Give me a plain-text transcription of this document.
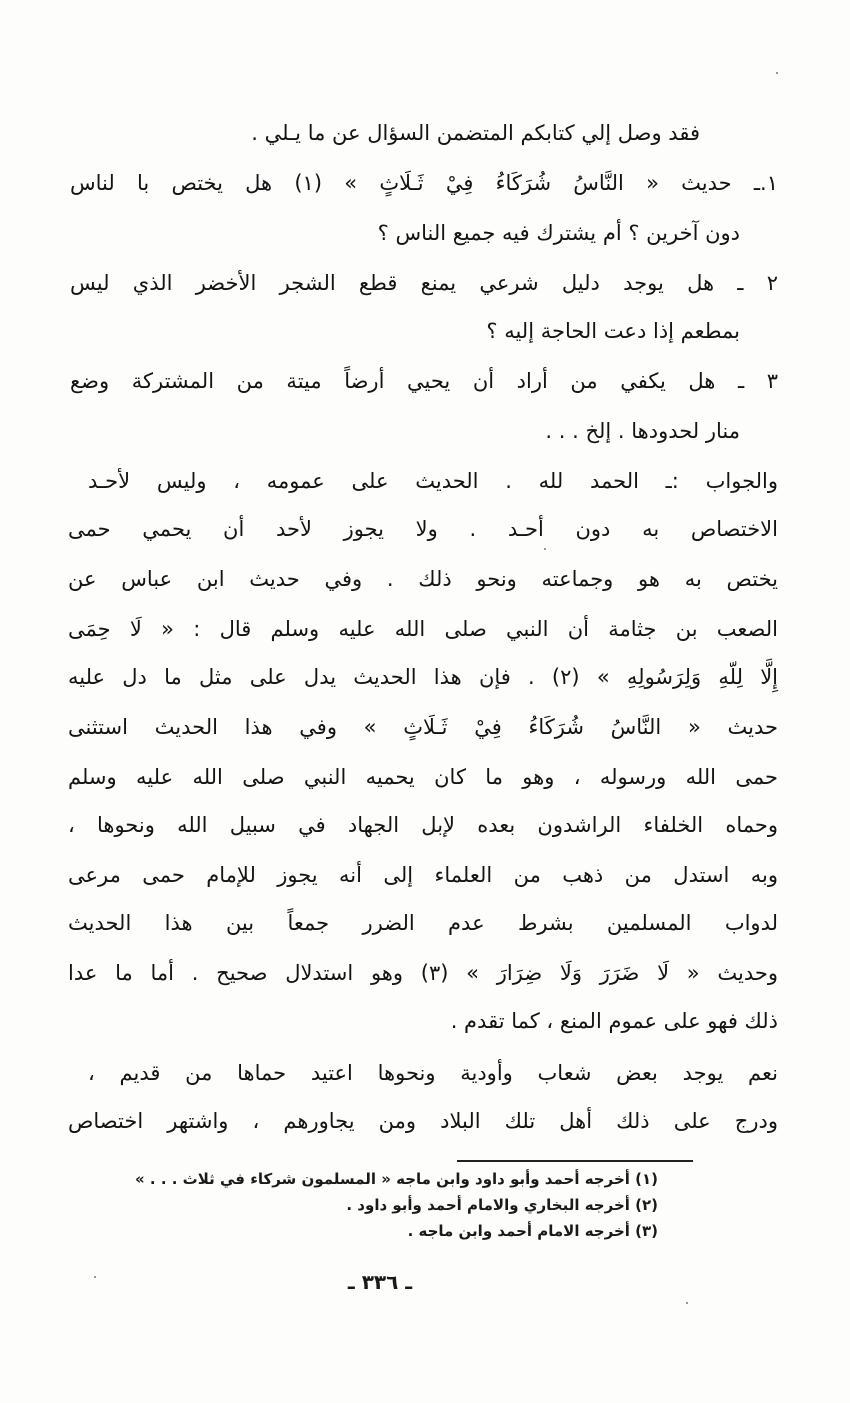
فقد وصل إلي كتابكم المتضمن السؤال عن ما يـلي .
١.ـ حديث « النَّاسُ شُرَكَاءُ فِيْ ثَـلَاثٍ » (١) هل يختص با لناس
دون آخرين ؟ أم يشترك فيه جميع الناس ؟
٢ ـ هل يوجد دليل شرعي يمنع قطع الشجر الأخضر الذي ليس
بمطعم إذا دعت الحاجة إليه ؟
٣ ـ هل يكفي من أراد أن يحيي أرضاً ميتة من المشتركة وضع
منار لحدودها . إلخ . . .
والجواب :ـ الحمد لله . الحديث على عمومه ، وليس لأحـد
الاختصاص به دون أحـد . ولا يجوز لأحد أن يحمي حمى
يختص به هو وجماعته ونحو ذلك . وفي حديث ابن عباس عن
الصعب بن جثامة أن النبي صلى الله عليه وسلم قال : « لَا حِمَى
إِلَّا لِلّهِ وَلِرَسُولِهِ » (٢) . فإن هذا الحديث يدل على مثل ما دل عليه
حديث « النَّاسُ شُرَكَاءُ فِيْ ثَـلَاثٍ » وفي هذا الحديث استثنى
حمى الله ورسوله ، وهو ما كان يحميه النبي صلى الله عليه وسلم
وحماه الخلفاء الراشدون بعده لإبل الجهاد في سبيل الله ونحوها ،
وبه استدل من ذهب من العلماء إلى أنه يجوز للإمام حمى مرعى
لدواب المسلمين بشرط عدم الضرر جمعاً بين هذا الحديث
وحديث « لَا ضَرَرَ وَلَا ضِرَارَ » (٣) وهو استدلال صحيح . أما ما عدا
ذلك فهو على عموم المنع ، كما تقدم .
نعم يوجد بعض شعاب وأودية ونحوها اعتيد حماها من قديم ،
ودرج على ذلك أهل تلك البلاد ومن يجاورهم ، واشتهر اختصاص
(١) أخرجه أحمد وأبو داود وابن ماجه « المسلمون شركاء في ثلاث . . . »
(٢) أخرجه البخاري والامام أحمد وأبو داود .
(٣) أخرجه الامام أحمد وابن ماجه .
ـ ٣٣٦ ـ
